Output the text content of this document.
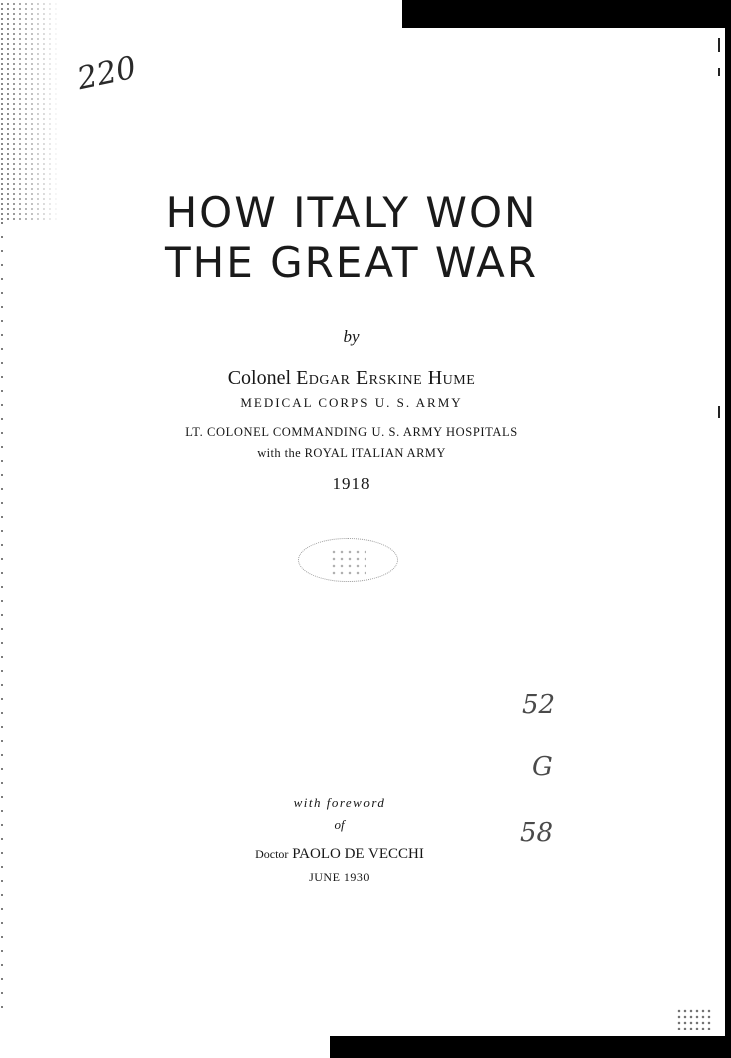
220
HOW ITALY WON
THE GREAT WAR
by
Colonel Edgar Erskine Hume
MEDICAL CORPS U. S. ARMY
LT. COLONEL COMMANDING U. S. ARMY HOSPITALS
with the ROYAL ITALIAN ARMY
1918
52
G
58
with foreword
of
Doctor PAOLO DE VECCHI
JUNE 1930
